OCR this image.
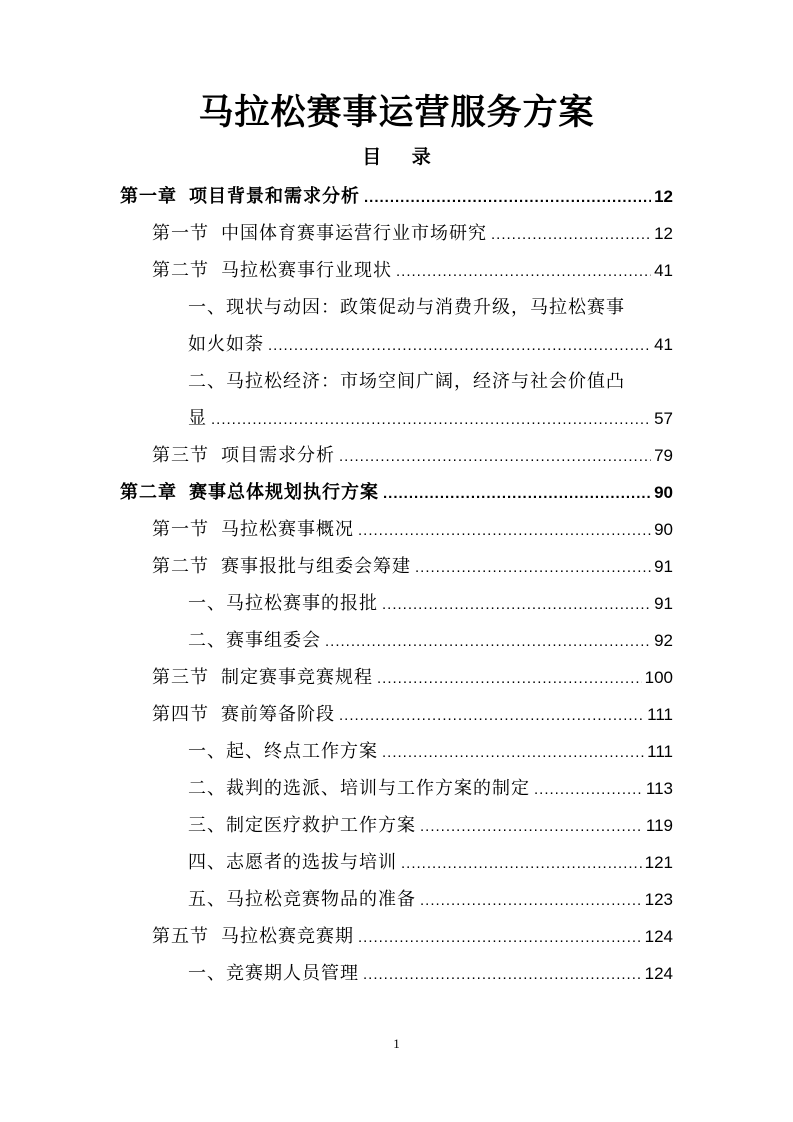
马拉松赛事运营服务方案
目 录
第一章 项目背景和需求分析 .....	12
第一节 中国体育赛事运营行业市场研究 .....	12
第二节 马拉松赛事行业现状 .....	41
一、现状与动因：政策促动与消费升级，马拉松赛事
如火如荼 .....	41
二、马拉松经济：市场空间广阔，经济与社会价值凸
显 .....	57
第三节 项目需求分析 .....	79
第二章 赛事总体规划执行方案 .....	90
第一节 马拉松赛事概况 .....	90
第二节 赛事报批与组委会筹建 .....	91
一、马拉松赛事的报批 .....	91
二、赛事组委会 .....	92
第三节 制定赛事竞赛规程 .....	100
第四节 赛前筹备阶段 .....	111
一、起、终点工作方案 .....	111
二、裁判的选派、培训与工作方案的制定 .....	113
三、制定医疗救护工作方案 .....	119
四、志愿者的选拔与培训 .....	121
五、马拉松竞赛物品的准备 .....	123
第五节 马拉松赛竞赛期 .....	124
一、竞赛期人员管理 .....	124
1
